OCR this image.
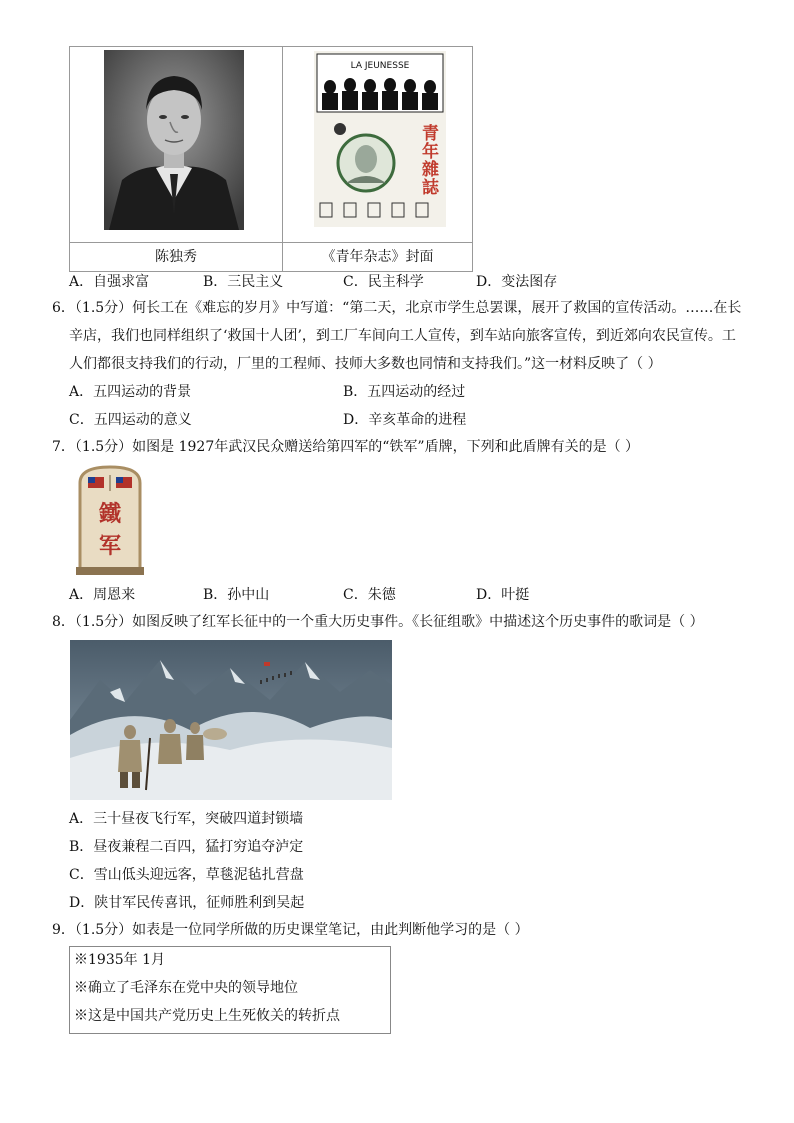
LA JEUNESSE
青
年
雜
誌
陈独秀	《青年杂志》封面
A．自强求富	B．三民主义	C．民主科学	D．变法图存
6．（1.5分）何长工在《难忘的岁月》中写道：“第二天，北京市学生总罢课，展开了救国的宣传活动。……在长
辛店，我们也同样组织了‘救国十人团’，到工厂车间向工人宣传，到车站向旅客宣传，到近郊向农民宣传。工
人们都很支持我们的行动，厂里的工程师、技师大多数也同情和支持我们。”这一材料反映了（ ）
A．五四运动的背景	B．五四运动的经过
C．五四运动的意义	D．辛亥革命的进程
7．（1.5分）如图是 1927年武汉民众赠送给第四军的“铁军”盾牌，下列和此盾牌有关的是（ ）
鐵
军
A．周恩来	B．孙中山	C．朱德	D．叶挺
8．（1.5分）如图反映了红军长征中的一个重大历史事件。《长征组歌》中描述这个历史事件的歌词是（ ）
A．三十昼夜飞行军，突破四道封锁墙
B．昼夜兼程二百四，猛打穷追夺泸定
C．雪山低头迎远客，草毯泥毡扎营盘
D．陕甘军民传喜讯，征师胜利到吴起
9．（1.5分）如表是一位同学所做的历史课堂笔记，由此判断他学习的是（ ）
※1935年 1月
※确立了毛泽东在党中央的领导地位
※这是中国共产党历史上生死攸关的转折点
